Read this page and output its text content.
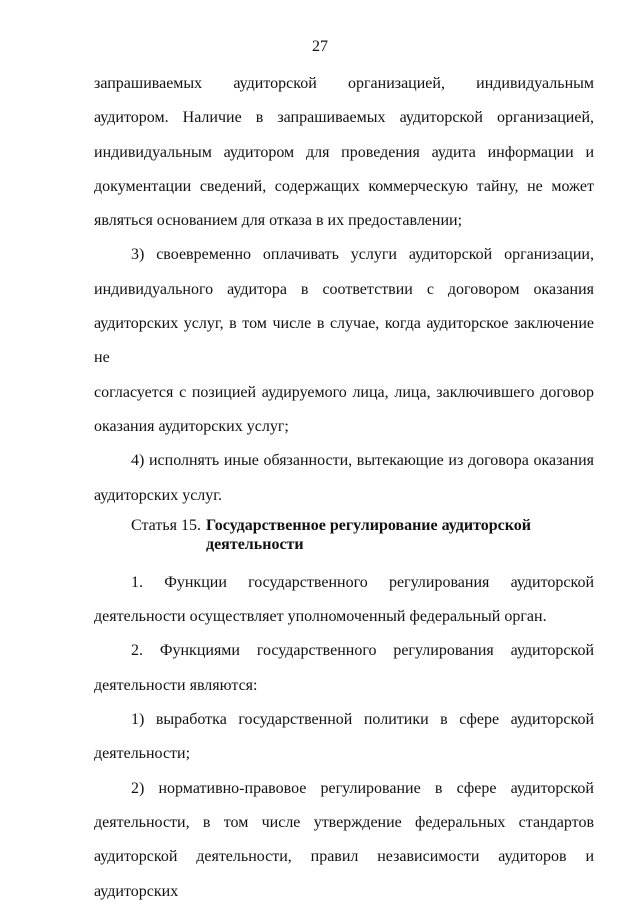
27

запрашиваемых аудиторской организацией, индивидуальным
аудитором. Наличие в запрашиваемых аудиторской организацией,
индивидуальным аудитором для проведения аудита информации и
документации сведений, содержащих коммерческую тайну, не может
являться основанием для отказа в их предоставлении;

3) своевременно оплачивать услуги аудиторской организации,
индивидуального аудитора в соответствии с договором оказания
аудиторских услуг, в том числе в случае, когда аудиторское заключение не
согласуется с позицией аудируемого лица, лица, заключившего договор
оказания аудиторских услуг;

4) исполнять иные обязанности, вытекающие из договора оказания
аудиторских услуг.

Статья 15. Государственное регулирование аудиторской деятельности

1. Функции государственного регулирования аудиторской
деятельности осуществляет уполномоченный федеральный орган.

2. Функциями государственного регулирования аудиторской
деятельности являются:

1) выработка государственной политики в сфере аудиторской
деятельности;

2) нормативно-правовое регулирование в сфере аудиторской
деятельности, в том числе утверждение федеральных стандартов
аудиторской деятельности, правил независимости аудиторов и аудиторских
